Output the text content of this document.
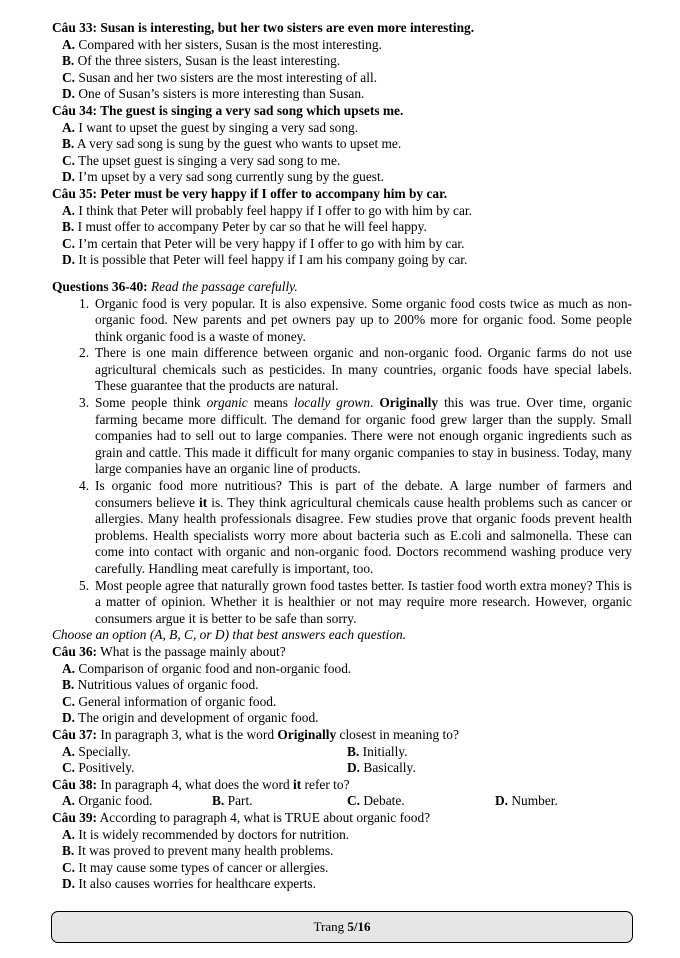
Câu 33: Susan is interesting, but her two sisters are even more interesting.
A. Compared with her sisters, Susan is the most interesting.
B. Of the three sisters, Susan is the least interesting.
C. Susan and her two sisters are the most interesting of all.
D. One of Susan’s sisters is more interesting than Susan.
Câu 34: The guest is singing a very sad song which upsets me.
A. I want to upset the guest by singing a very sad song.
B. A very sad song is sung by the guest who wants to upset me.
C. The upset guest is singing a very sad song to me.
D. I’m upset by a very sad song currently sung by the guest.
Câu 35: Peter must be very happy if I offer to accompany him by car.
A. I think that Peter will probably feel happy if I offer to go with him by car.
B. I must offer to accompany Peter by car so that he will feel happy.
C. I’m certain that Peter will be very happy if I offer to go with him by car.
D. It is possible that Peter will feel happy if I am his company going by car.
Questions 36-40: Read the passage carefully.
1. Organic food is very popular. It is also expensive. Some organic food costs twice as much as non-organic food. New parents and pet owners pay up to 200% more for organic food. Some people think organic food is a waste of money.
2. There is one main difference between organic and non-organic food. Organic farms do not use agricultural chemicals such as pesticides. In many countries, organic foods have special labels. These guarantee that the products are natural.
3. Some people think organic means locally grown. Originally this was true. Over time, organic farming became more difficult. The demand for organic food grew larger than the supply. Small companies had to sell out to large companies. There were not enough organic ingredients such as grain and cattle. This made it difficult for many organic companies to stay in business. Today, many large companies have an organic line of products.
4. Is organic food more nutritious? This is part of the debate. A large number of farmers and consumers believe it is. They think agricultural chemicals cause health problems such as cancer or allergies. Many health professionals disagree. Few studies prove that organic foods prevent health problems. Health specialists worry more about bacteria such as E.coli and salmonella. These can come into contact with organic and non-organic food. Doctors recommend washing produce very carefully. Handling meat carefully is important, too.
5. Most people agree that naturally grown food tastes better. Is tastier food worth extra money? This is a matter of opinion. Whether it is healthier or not may require more research. However, organic consumers argue it is better to be safe than sorry.
Choose an option (A, B, C, or D) that best answers each question.
Câu 36: What is the passage mainly about?
A. Comparison of organic food and non-organic food.
B. Nutritious values of organic food.
C. General information of organic food.
D. The origin and development of organic food.
Câu 37: In paragraph 3, what is the word Originally closest in meaning to?
A. Specially.	B. Initially.
C. Positively.	D. Basically.
Câu 38: In paragraph 4, what does the word it refer to?
A. Organic food.	B. Part.	C. Debate.	D. Number.
Câu 39: According to paragraph 4, what is TRUE about organic food?
A. It is widely recommended by doctors for nutrition.
B. It was proved to prevent many health problems.
C. It may cause some types of cancer or allergies.
D. It also causes worries for healthcare experts.
Trang 5/16
